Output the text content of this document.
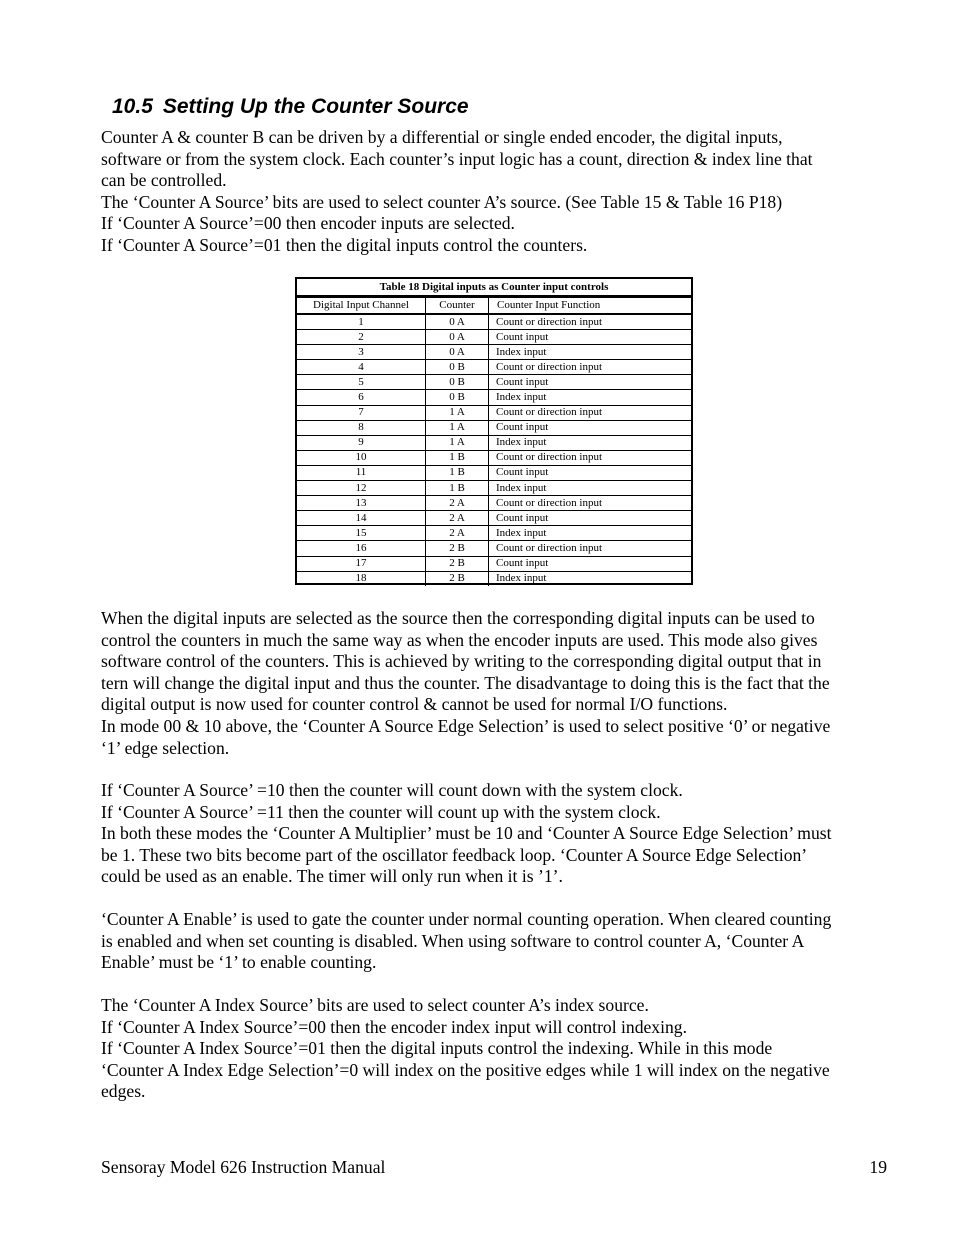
10.5 Setting Up the Counter Source

Counter A & counter B can be driven by a differential or single ended encoder, the digital inputs,
software or from the system clock. Each counter’s input logic has a count, direction & index line that
can be controlled.
The ‘Counter A Source’ bits are used to select counter A’s source. (See Table 15 & Table 16 P18)
If ‘Counter A Source’=00 then encoder inputs are selected.
If ‘Counter A Source’=01 then the digital inputs control the counters.

Table 18 Digital inputs as Counter input controls
Digital Input Channel	Counter	Counter Input Function
1	0 A	Count or direction input
2	0 A	Count input
3	0 A	Index input
4	0 B	Count or direction input
5	0 B	Count input
6	0 B	Index input
7	1 A	Count or direction input
8	1 A	Count input
9	1 A	Index input
10	1 B	Count or direction input
11	1 B	Count input
12	1 B	Index input
13	2 A	Count or direction input
14	2 A	Count input
15	2 A	Index input
16	2 B	Count or direction input
17	2 B	Count input
18	2 B	Index input

When the digital inputs are selected as the source then the corresponding digital inputs can be used to
control the counters in much the same way as when the encoder inputs are used. This mode also gives
software control of the counters. This is achieved by writing to the corresponding digital output that in
tern will change the digital input and thus the counter. The disadvantage to doing this is the fact that the
digital output is now used for counter control & cannot be used for normal I/O functions.
In mode 00 & 10 above, the ‘Counter A Source Edge Selection’ is used to select positive ‘0’ or negative
‘1’ edge selection.

If ‘Counter A Source’ =10 then the counter will count down with the system clock.
If ‘Counter A Source’ =11 then the counter will count up with the system clock.
In both these modes the ‘Counter A Multiplier’ must be 10 and ‘Counter A Source Edge Selection’ must
be 1. These two bits become part of the oscillator feedback loop. ‘Counter A Source Edge Selection’
could be used as an enable. The timer will only run when it is ’1’.

‘Counter A Enable’ is used to gate the counter under normal counting operation. When cleared counting
is enabled and when set counting is disabled. When using software to control counter A, ‘Counter A
Enable’ must be ‘1’ to enable counting.

The ‘Counter A Index Source’ bits are used to select counter A’s index source.
If ‘Counter A Index Source’=00 then the encoder index input will control indexing.
If ‘Counter A Index Source’=01 then the digital inputs control the indexing. While in this mode
‘Counter A Index Edge Selection’=0 will index on the positive edges while 1 will index on the negative
edges.

Sensoray Model 626 Instruction Manual	19
